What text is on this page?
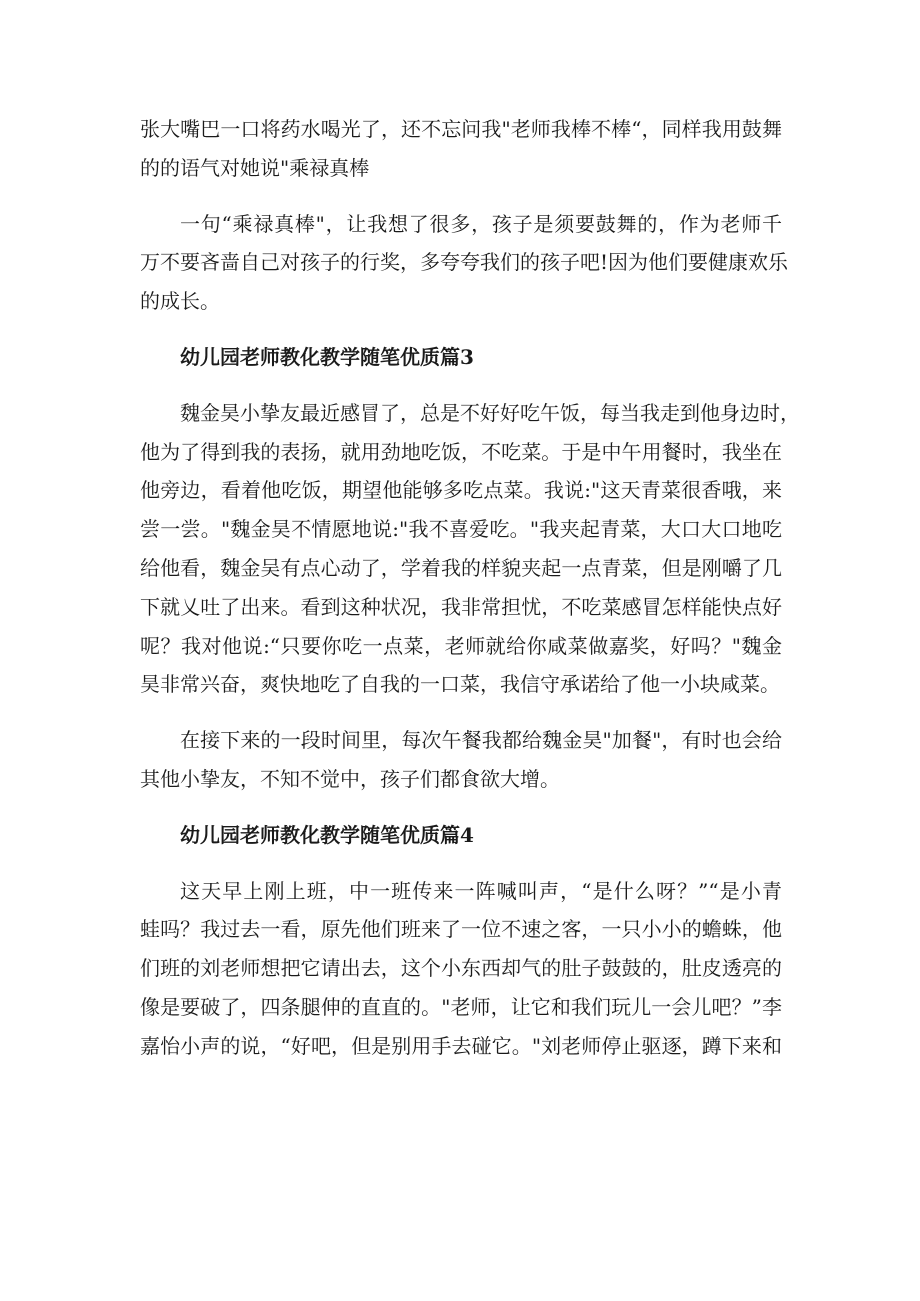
张大嘴巴一口将药水喝光了，还不忘问我"老师我棒不棒“，同样我用鼓舞
的的语气对她说"乘禄真棒

一句“乘禄真棒"，让我想了很多，孩子是须要鼓舞的，作为老师千
万不要吝啬自己对孩子的行奖，多夸夸我们的孩子吧!因为他们要健康欢乐
的成长。

幼儿园老师教化教学随笔优质篇3

魏金昊小挚友最近感冒了，总是不好好吃午饭，每当我走到他身边时，
他为了得到我的表扬，就用劲地吃饭，不吃菜。于是中午用餐时，我坐在
他旁边，看着他吃饭，期望他能够多吃点菜。我说:"这天青菜很香哦，来
尝一尝。"魏金昊不情愿地说:"我不喜爱吃。"我夹起青菜，大口大口地吃
给他看，魏金吴有点心动了，学着我的样貌夹起一点青菜，但是刚嚼了几
下就乂吐了出来。看到这种状况，我非常担忧，不吃菜感冒怎样能快点好
呢？我对他说:“只要你吃一点菜，老师就给你咸菜做嘉奖，好吗？"魏金
昊非常兴奋，爽快地吃了自我的一口菜，我信守承诺给了他一小块咸菜。

在接下来的一段时间里，每次午餐我都给魏金昊"加餐"，有时也会给
其他小挚友，不知不觉中，孩子们都食欲大增。

幼儿园老师教化教学随笔优质篇4

这天早上刚上班，中一班传来一阵喊叫声，“是什么呀？”“是小青
蛙吗？我过去一看，原先他们班来了一位不速之客，一只小小的蟾蛛，他
们班的刘老师想把它请出去，这个小东西却气的肚子鼓鼓的，肚皮透亮的
像是要破了，四条腿伸的直直的。"老师，让它和我们玩儿一会儿吧？”李
嘉怡小声的说，“好吧，但是别用手去碰它。"刘老师停止驱逐，蹲下来和
